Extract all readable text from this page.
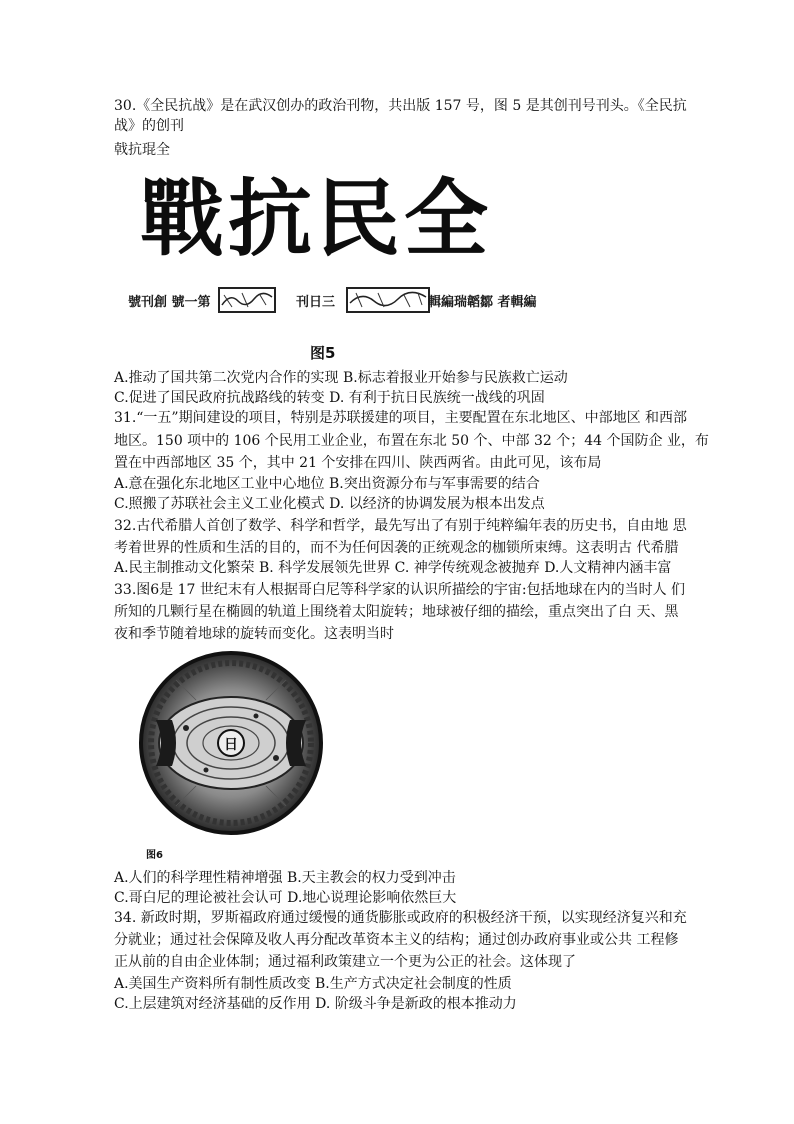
30.《全民抗战》是在武汉创办的政治刊物，共出版 157 号，图 5 是其创刊号刊头。《全民抗
战》的创刊
戟抗琨全
戰抗民全
號刊創 號一第	刊日三	輯編瑞韜鄒 者輯編
图5
A.推动了国共第二次党内合作的实现 B.标志着报业开始参与民族救亡运动
C.促进了国民政府抗战路线的转变 D. 有利于抗日民族统一战线的巩固
31.“一五”期间建设的项目，特别是苏联援建的项目，主要配置在东北地区、中部地区 和西部
地区。150 项中的 106 个民用工业企业，布置在东北 50 个、中部 32 个；44 个国防企 业，布
置在中西部地区 35 个，其中 21 个安排在四川、陕西两省。由此可见，该布局
A.意在强化东北地区工业中心地位 B.突出资源分布与军事需要的结合
C.照搬了苏联社会主义工业化模式 D. 以经济的协调发展为根本出发点
32.古代希腊人首创了数学、科学和哲学，最先写出了有别于纯粹编年表的历史书，自由地 思
考着世界的性质和生活的目的，而不为任何因袭的正统观念的枷锁所束缚。这表明古 代希腊
A.民主制推动文化繁荣 B. 科学发展领先世界 C. 神学传统观念被抛弃 D.人文精神内涵丰富
33.图6是 17 世纪末有人根据哥白尼等科学家的认识所描绘的宇宙:包括地球在内的当时人 们
所知的几颗行星在椭圆的轨道上围绕着太阳旋转；地球被仔细的描绘，重点突出了白 天、黑
夜和季节随着地球的旋转而变化。这表明当时
日
图6
A.人们的科学理性精神增强 B.天主教会的权力受到冲击
C.哥白尼的理论被社会认可 D.地心说理论影响依然巨大
34. 新政时期，罗斯福政府通过缓慢的通货膨胀或政府的积极经济干预，以实现经济复兴和充
分就业；通过社会保障及收人再分配改革资本主义的结构；通过创办政府事业或公共 工程修
正从前的自由企业体制；通过福利政策建立一个更为公正的社会。这体现了
A.美国生产资料所有制性质改变 B.生产方式决定社会制度的性质
C.上层建筑对经济基础的反作用 D. 阶级斗争是新政的根本推动力
